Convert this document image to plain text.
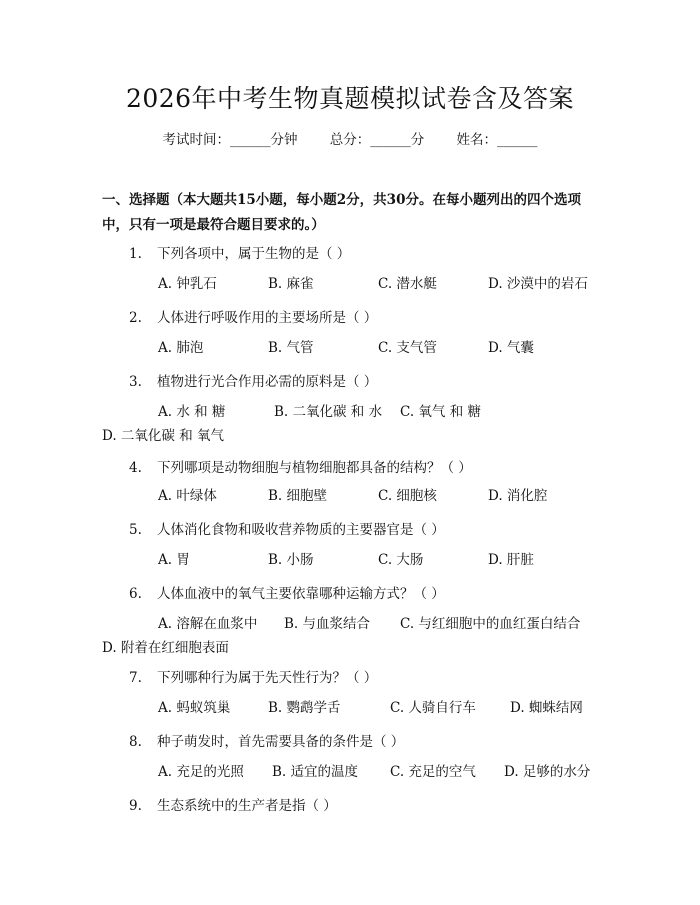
2026年中考生物真题模拟试卷含及答案
考试时间：______分钟 总分：______分 姓名：______
一、选择题（本大题共15小题，每小题2分，共30分。在每小题列出的四个选项中，只有一项是最符合题目要求的。）
1. 下列各项中，属于生物的是（ ）
A. 钟乳石	B. 麻雀	C. 潜水艇	D. 沙漠中的岩石
2. 人体进行呼吸作用的主要场所是（ ）
A. 肺泡	B. 气管	C. 支气管	D. 气囊
3. 植物进行光合作用必需的原料是（ ）
A. 水 和 糖	B. 二氧化碳 和 水 C. 氧气 和 糖
D. 二氧化碳 和 氧气
4. 下列哪项是动物细胞与植物细胞都具备的结构？（ ）
A. 叶绿体	B. 细胞壁	C. 细胞核	D. 消化腔
5. 人体消化食物和吸收营养物质的主要器官是（ ）
A. 胃	B. 小肠	C. 大肠	D. 肝脏
6. 人体血液中的氧气主要依靠哪种运输方式？（ ）
A. 溶解在血浆中 B. 与血浆结合 C. 与红细胞中的血红蛋白结合
D. 附着在红细胞表面
7. 下列哪种行为属于先天性行为？（ ）
A. 蚂蚁筑巢	B. 鹦鹉学舌	C. 人骑自行车	D. 蜘蛛结网
8. 种子萌发时，首先需要具备的条件是（ ）
A. 充足的光照 B. 适宜的温度 C. 充足的空气 D. 足够的水分
9. 生态系统中的生产者是指（ ）
